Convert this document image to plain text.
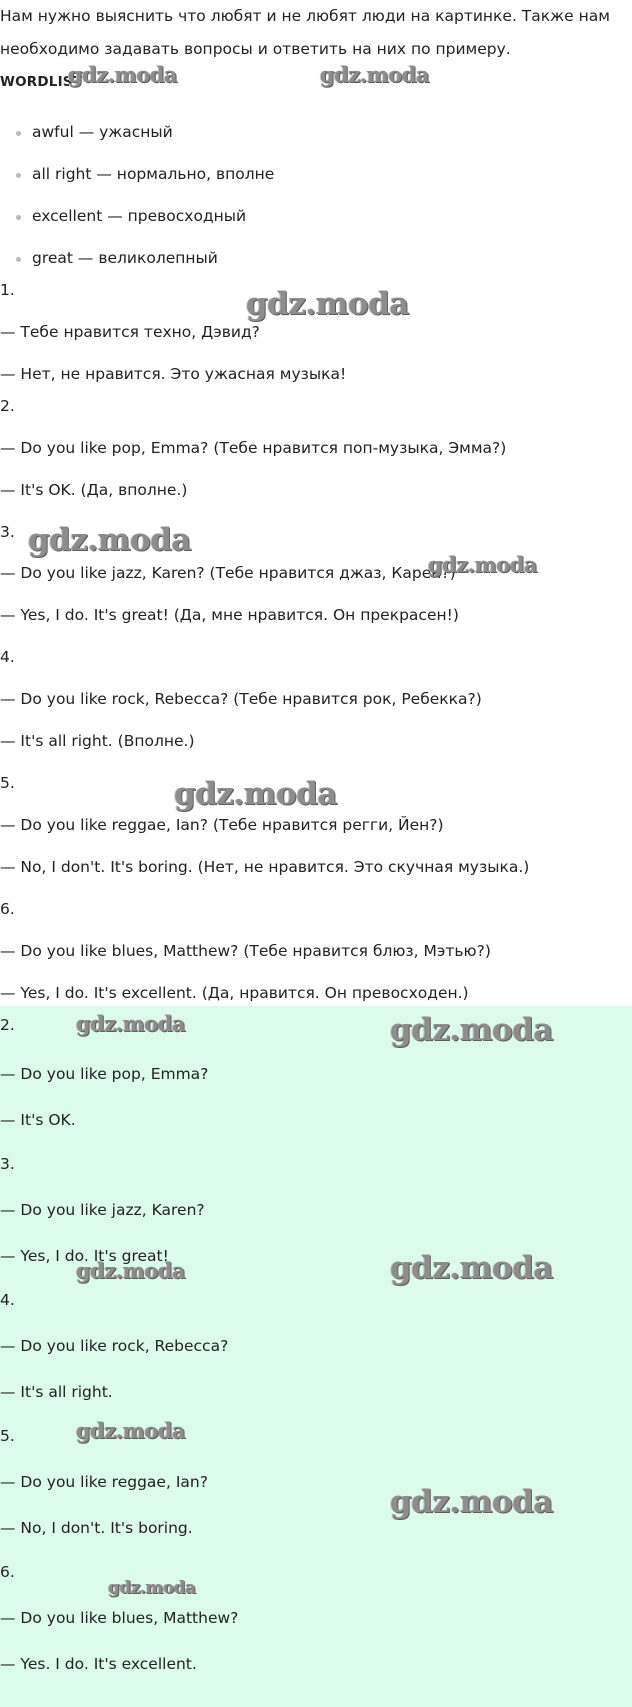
Нам нужно выяснить что любят и не любят люди на картинке. Также нам
необходимо задавать вопросы и ответить на них по примеру.
WORDLIST
awful — ужасный
all right — нормально, вполне
excellent — превосходный
great — великолепный
1.
— Тебе нравится техно, Дэвид?
— Нет, не нравится. Это ужасная музыка!
2.
— Do you like pop, Emma? (Тебе нравится поп-музыка, Эмма?)
— It's OK. (Да, вполне.)
3.
— Do you like jazz, Karen? (Тебе нравится джаз, Карен?)
— Yes, I do. It's great! (Да, мне нравится. Он прекрасен!)
4.
— Do you like rock, Rebecca? (Тебе нравится рок, Ребекка?)
— It's all right. (Вполне.)
5.
— Do you like reggae, Ian? (Тебе нравится регги, Йен?)
— No, I don't. It's boring. (Нет, не нравится. Это скучная музыка.)
6.
— Do you like blues, Matthew? (Тебе нравится блюз, Мэтью?)
— Yes, I do. It's excellent. (Да, нравится. Он превосходен.)
2.
— Do you like pop, Emma?
— It's OK.
3.
— Do you like jazz, Karen?
— Yes, I do. It's great!
4.
— Do you like rock, Rebecca?
— It's all right.
5.
— Do you like reggae, Ian?
— No, I don't. It's boring.
6.
— Do you like blues, Matthew?
— Yes. I do. It's excellent.
gdz.moda	gdz.moda
gdz.moda
gdz.moda
gdz.moda
gdz.moda
gdz.moda	gdz.moda
gdz.moda	gdz.moda
gdz.moda
gdz.moda
gdz.moda
